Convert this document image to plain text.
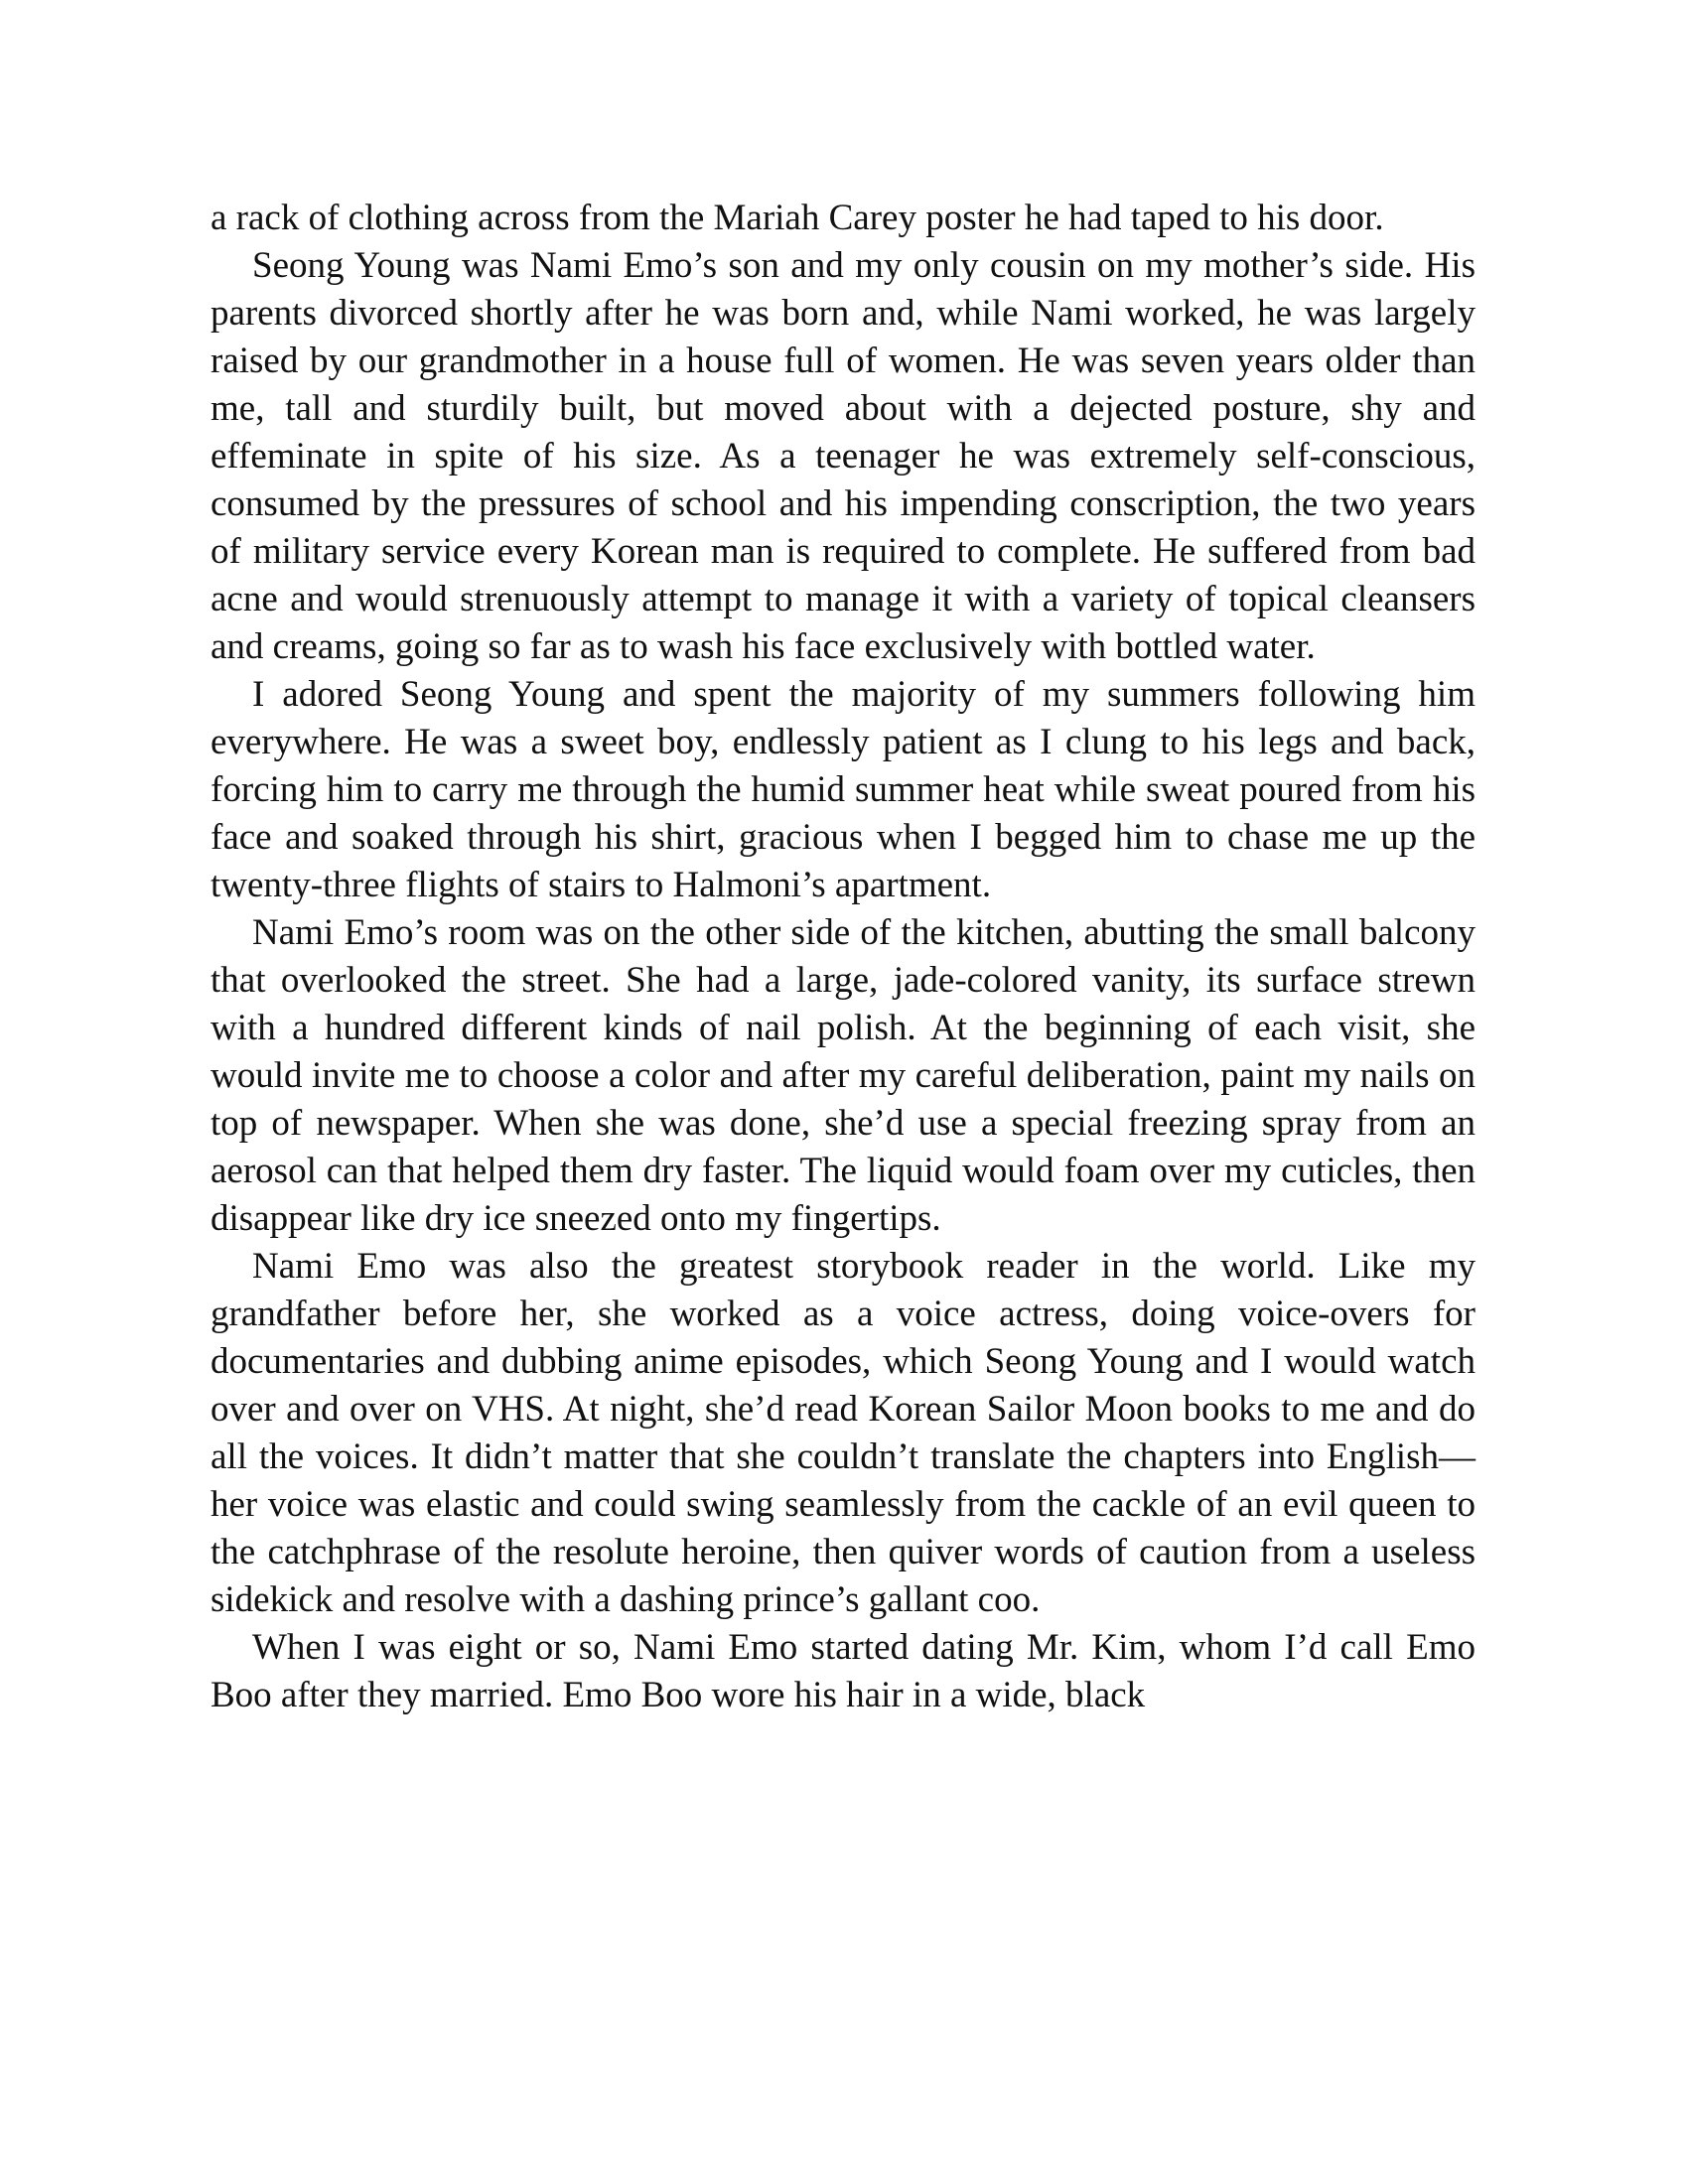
a rack of clothing across from the Mariah Carey poster he had taped to his door.

Seong Young was Nami Emo’s son and my only cousin on my mother’s side. His parents divorced shortly after he was born and, while Nami worked, he was largely raised by our grandmother in a house full of women. He was seven years older than me, tall and sturdily built, but moved about with a dejected posture, shy and effeminate in spite of his size. As a teenager he was extremely self-conscious, consumed by the pressures of school and his impending conscription, the two years of military service every Korean man is required to complete. He suffered from bad acne and would strenuously attempt to manage it with a variety of topical cleansers and creams, going so far as to wash his face exclusively with bottled water.

I adored Seong Young and spent the majority of my summers following him everywhere. He was a sweet boy, endlessly patient as I clung to his legs and back, forcing him to carry me through the humid summer heat while sweat poured from his face and soaked through his shirt, gracious when I begged him to chase me up the twenty-three flights of stairs to Halmoni’s apartment.

Nami Emo’s room was on the other side of the kitchen, abutting the small balcony that overlooked the street. She had a large, jade-colored vanity, its surface strewn with a hundred different kinds of nail polish. At the beginning of each visit, she would invite me to choose a color and after my careful deliberation, paint my nails on top of newspaper. When she was done, she’d use a special freezing spray from an aerosol can that helped them dry faster. The liquid would foam over my cuticles, then disappear like dry ice sneezed onto my fingertips.

Nami Emo was also the greatest storybook reader in the world. Like my grandfather before her, she worked as a voice actress, doing voice-overs for documentaries and dubbing anime episodes, which Seong Young and I would watch over and over on VHS. At night, she’d read Korean Sailor Moon books to me and do all the voices. It didn’t matter that she couldn’t translate the chapters into English—her voice was elastic and could swing seamlessly from the cackle of an evil queen to the catchphrase of the resolute heroine, then quiver words of caution from a useless sidekick and resolve with a dashing prince’s gallant coo.

When I was eight or so, Nami Emo started dating Mr. Kim, whom I’d call Emo Boo after they married. Emo Boo wore his hair in a wide, black
